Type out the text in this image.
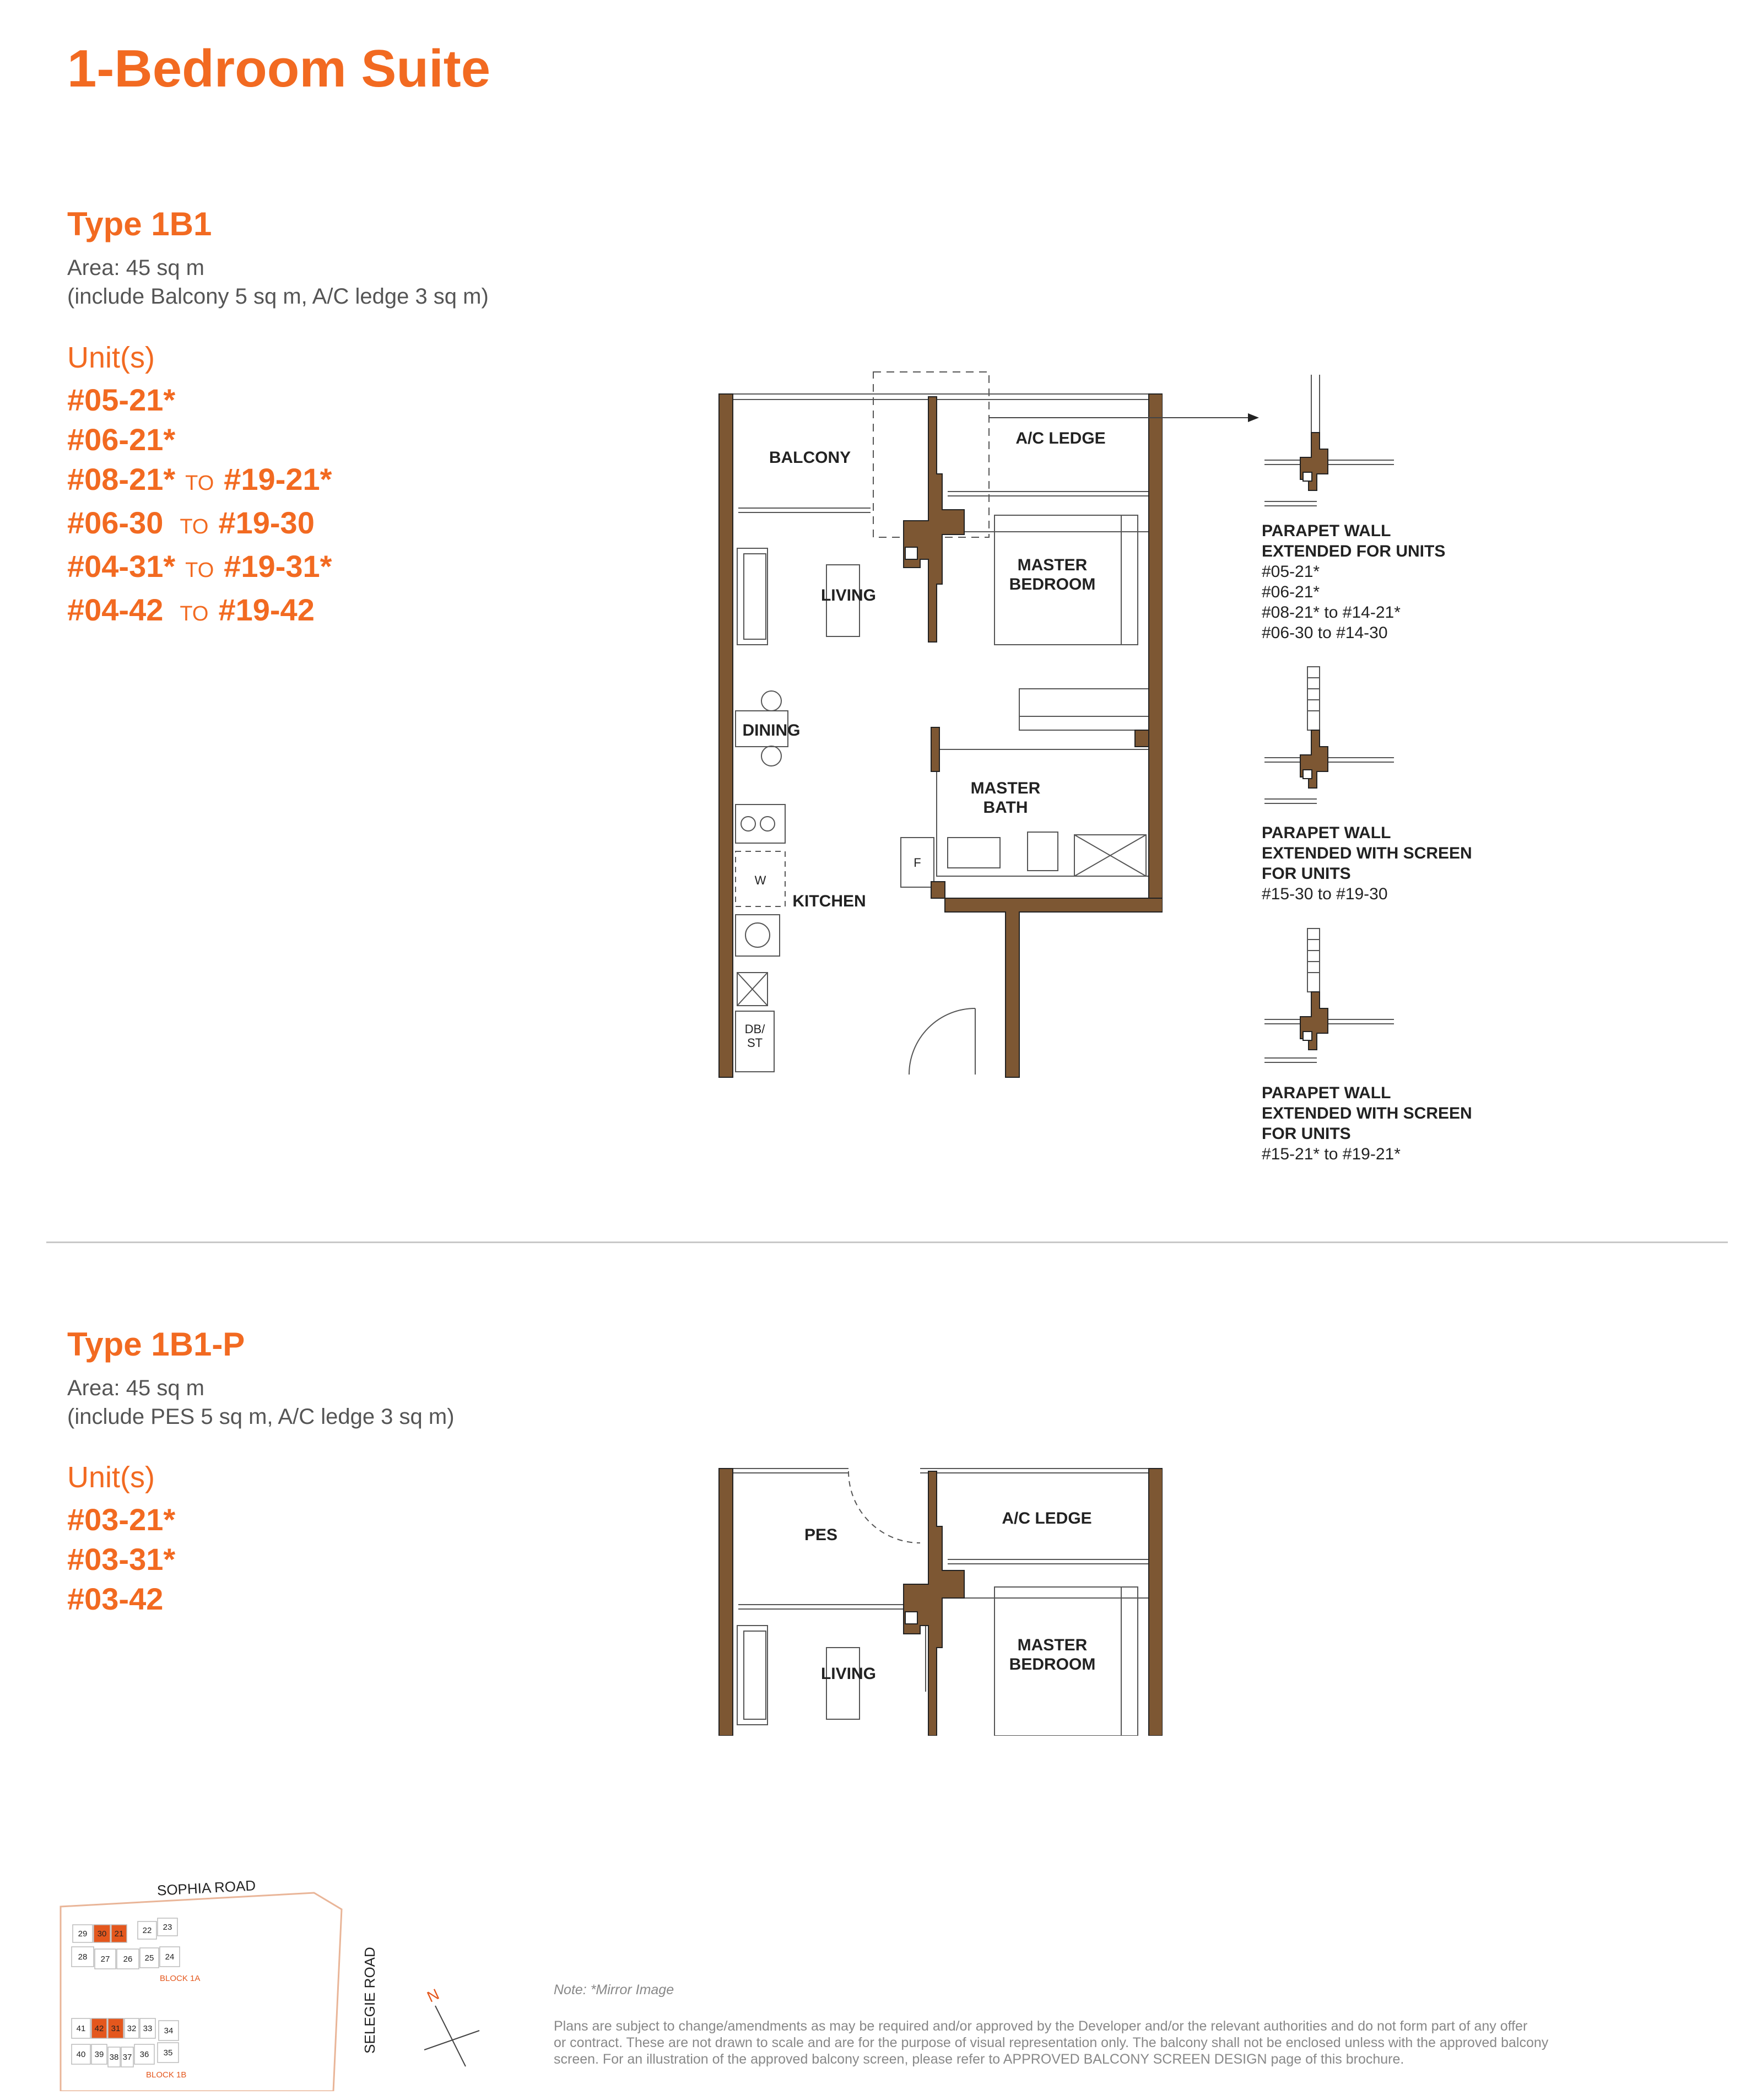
1-Bedroom Suite
Type 1B1
Area: 45 sq m
(include Balcony 5 sq m, A/C ledge 3 sq m)
Unit(s)
#05-21*
#06-21*
#08-21* TO #19-21*
#06-30 TO #19-30
#04-31* TO #19-31*
#04-42 TO #19-42
BALCONY
A/C LEDGE
LIVING
MASTER
BEDROOM
DINING
MASTER
BATH
KITCHEN
F
W
DB/
ST
PARAPET WALL
EXTENDED FOR UNITS
#05-21*
#06-21*
#08-21* to #14-21*
#06-30 to #14-30
PARAPET WALL
EXTENDED WITH SCREEN
FOR UNITS
#15-30 to #19-30
PARAPET WALL
EXTENDED WITH SCREEN
FOR UNITS
#15-21* to #19-21*
Type 1B1-P
Area: 45 sq m
(include PES 5 sq m, A/C ledge 3 sq m)
Unit(s)
#03-21*
#03-31*
#03-42
PES
A/C LEDGE
LIVING
MASTER
BEDROOM
SOPHIA ROAD
SELEGIE ROAD
29 30 21 22 23
28 27 26 25 24
41 42 31 32 33 34
40 39 38 37 36 35
BLOCK 1A
BLOCK 1B
N	Note: *Mirror Image
Plans are subject to change/amendments as may be required and/or approved by the Developer and/or the relevant authorities and do not form part of any offer
or contract. These are not drawn to scale and are for the purpose of visual representation only. The balcony shall not be enclosed unless with the approved balcony
screen. For an illustration of the approved balcony screen, please refer to APPROVED BALCONY SCREEN DESIGN page of this brochure.
